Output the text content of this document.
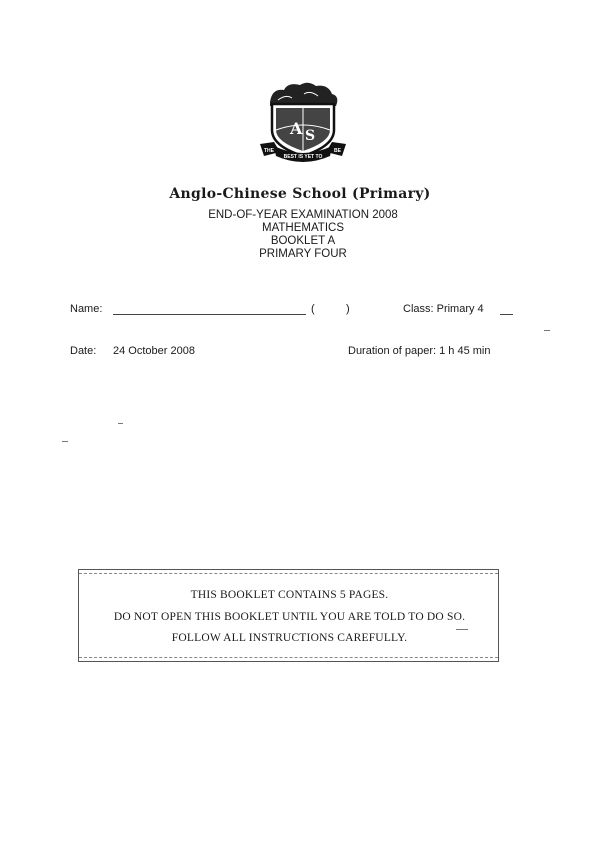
A S
THE
BEST IS YET TO
BE
Anglo-Chinese School (Primary)
END-OF-YEAR EXAMINATION 2008
MATHEMATICS
BOOKLET A
PRIMARY FOUR
Name:	(	)	Class: Primary 4
Date: 24 October 2008	Duration of paper: 1 h 45 min
THIS BOOKLET CONTAINS 5 PAGES.
DO NOT OPEN THIS BOOKLET UNTIL YOU ARE TOLD TO DO SO.
FOLLOW ALL INSTRUCTIONS CAREFULLY.
